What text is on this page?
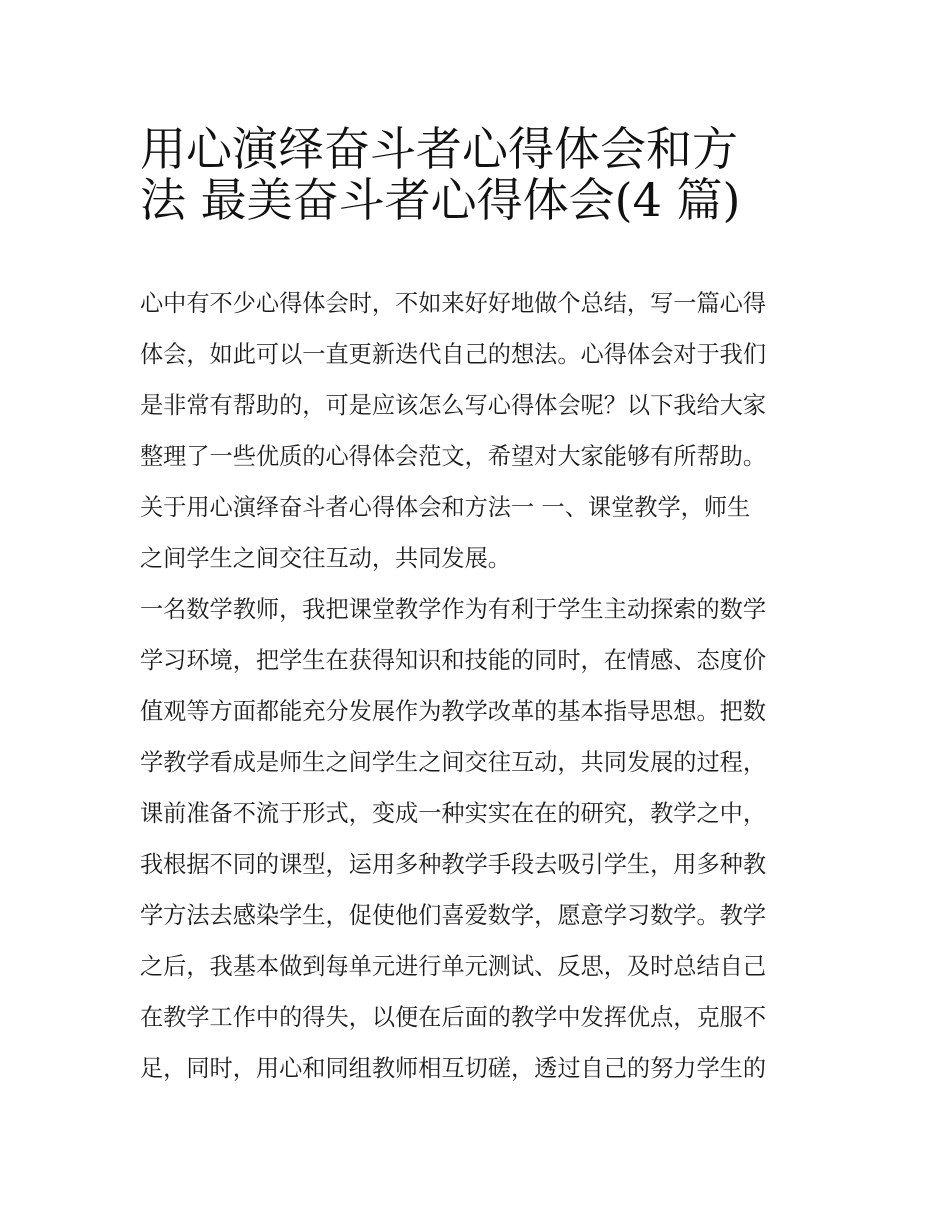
用心演绎奋斗者心得体会和方
法 最美奋斗者心得体会(4 篇)
心中有不少心得体会时，不如来好好地做个总结，写一篇心得
体会，如此可以一直更新迭代自己的想法。心得体会对于我们
是非常有帮助的，可是应该怎么写心得体会呢？以下我给大家
整理了一些优质的心得体会范文，希望对大家能够有所帮助。
关于用心演绎奋斗者心得体会和方法一 一、课堂教学，师生
之间学生之间交往互动，共同发展。
一名数学教师，我把课堂教学作为有利于学生主动探索的数学
学习环境，把学生在获得知识和技能的同时，在情感、态度价
值观等方面都能充分发展作为教学改革的基本指导思想。把数
学教学看成是师生之间学生之间交往互动，共同发展的过程，
课前准备不流于形式，变成一种实实在在的研究，教学之中，
我根据不同的课型，运用多种教学手段去吸引学生，用多种教
学方法去感染学生，促使他们喜爱数学，愿意学习数学。教学
之后，我基本做到每单元进行单元测试、反思，及时总结自己
在教学工作中的得失，以便在后面的教学中发挥优点，克服不
足，同时，用心和同组教师相互切磋，透过自己的努力学生的
